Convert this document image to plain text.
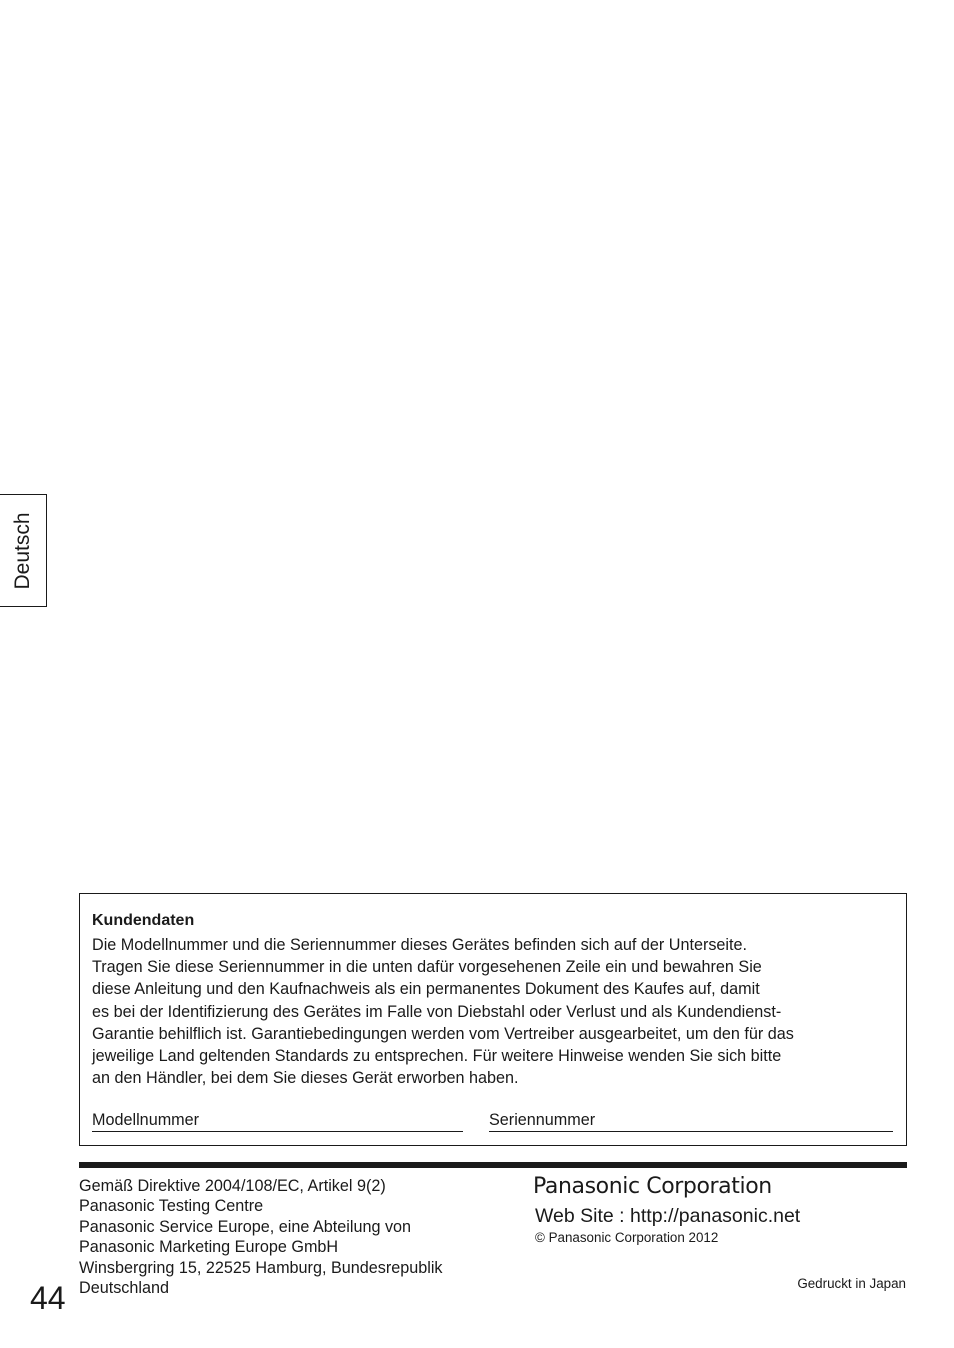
Deutsch
Kundendaten
Die Modellnummer und die Seriennummer dieses Gerätes befinden sich auf der Unterseite.
Tragen Sie diese Seriennummer in die unten dafür vorgesehenen Zeile ein und bewahren Sie
diese Anleitung und den Kaufnachweis als ein permanentes Dokument des Kaufes auf, damit
es bei der Identifizierung des Gerätes im Falle von Diebstahl oder Verlust und als Kundendienst-
Garantie behilflich ist. Garantiebedingungen werden vom Vertreiber ausgearbeitet, um den für das
jeweilige Land geltenden Standards zu entsprechen. Für weitere Hinweise wenden Sie sich bitte
an den Händler, bei dem Sie dieses Gerät erworben haben.
Modellnummer	Seriennummer
Gemäß Direktive 2004/108/EC, Artikel 9(2)
Panasonic Testing Centre
Panasonic Service Europe, eine Abteilung von
Panasonic Marketing Europe GmbH
Winsbergring 15, 22525 Hamburg, Bundesrepublik
Deutschland
44
Panasonic Corporation
Web Site : http://panasonic.net
© Panasonic Corporation 2012
Gedruckt in Japan
